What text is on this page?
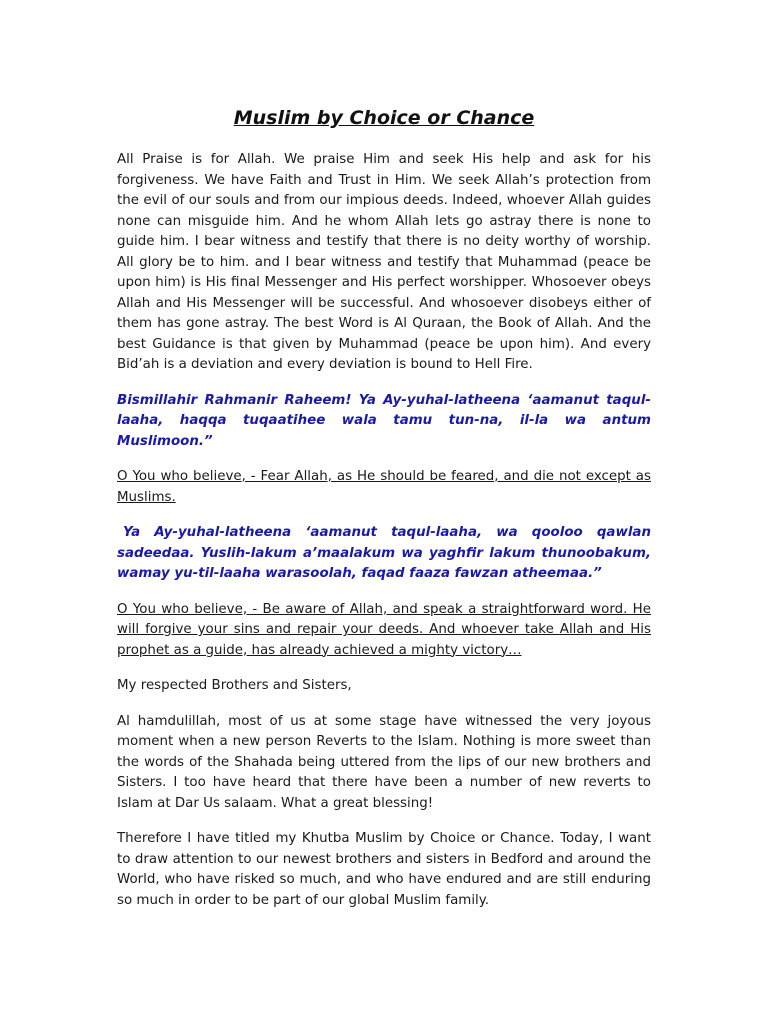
Muslim by Choice or Chance

All Praise is for Allah. We praise Him and seek His help and ask for his forgiveness. We have Faith and Trust in Him. We seek Allah’s protection from the evil of our souls and from our impious deeds. Indeed, whoever Allah guides none can misguide him. And he whom Allah lets go astray there is none to guide him. I bear witness and testify that there is no deity worthy of worship. All glory be to him. and I bear witness and testify that Muhammad (peace be upon him) is His final Messenger and His perfect worshipper. Whosoever obeys Allah and His Messenger will be successful. And whosoever disobeys either of them has gone astray. The best Word is Al Quraan, the Book of Allah. And the best Guidance is that given by Muhammad (peace be upon him). And every Bid’ah is a deviation and every deviation is bound to Hell Fire.

Bismillahir Rahmanir Raheem! Ya Ay-yuhal-latheena ‘aamanut taqul-laaha, haqqa tuqaatihee wala tamu tun-na, il-la wa antum Muslimoon.”

O You who believe, - Fear Allah, as He should be feared, and die not except as Muslims.

Ya Ay-yuhal-latheena ‘aamanut taqul-laaha, wa qooloo qawlan sadeedaa. Yuslih-lakum a’maalakum wa yaghfir lakum thunoobakum, wamay yu-til-laaha warasoolah, faqad faaza fawzan atheemaa.”

O You who believe, - Be aware of Allah, and speak a straightforward word. He will forgive your sins and repair your deeds. And whoever take Allah and His prophet as a guide, has already achieved a mighty victory…

My respected Brothers and Sisters,

Al hamdulillah, most of us at some stage have witnessed the very joyous moment when a new person Reverts to the Islam. Nothing is more sweet than the words of the Shahada being uttered from the lips of our new brothers and Sisters. I too have heard that there have been a number of new reverts to Islam at Dar Us salaam. What a great blessing!

Therefore I have titled my Khutba Muslim by Choice or Chance. Today, I want to draw attention to our newest brothers and sisters in Bedford and around the World, who have risked so much, and who have endured and are still enduring so much in order to be part of our global Muslim family.
